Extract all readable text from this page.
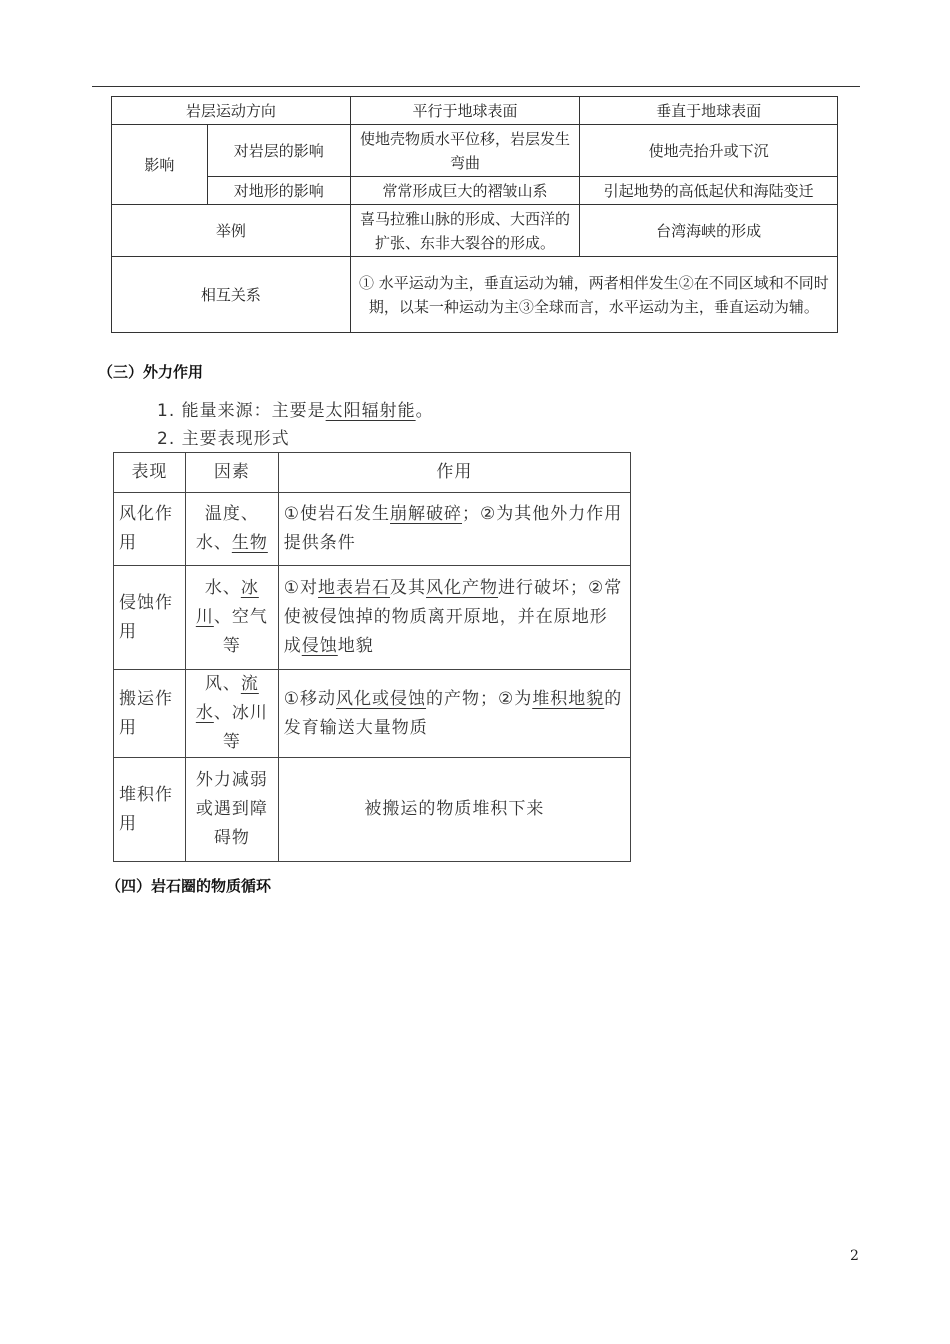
岩层运动方向		平行于地球表面	垂直于地球表面
影响	对岩层的影响	使地壳物质水平位移，岩层发生弯曲	使地壳抬升或下沉
	对地形的影响	常常形成巨大的褶皱山系	引起地势的高低起伏和海陆变迁
举例		喜马拉雅山脉的形成、大西洋的扩张、东非大裂谷的形成。	台湾海峡的形成
相互关系		① 水平运动为主，垂直运动为辅，两者相伴发生②在不同区域和不同时期，以某一种运动为主③全球而言，水平运动为主，垂直运动为辅。	
（三）外力作用
1. 能量来源：主要是太阳辐射能。
2. 主要表现形式
表现	因素	作用
风化作用	温度、水、生物	①使岩石发生崩解破碎；②为其他外力作用提供条件
侵蚀作用	水、冰川、空气等	①对地表岩石及其风化产物进行破坏；②常使被侵蚀掉的物质离开原地，并在原地形成侵蚀地貌
搬运作用	风、流水、冰川等	①移动风化或侵蚀的产物；②为堆积地貌的发育输送大量物质
堆积作用	外力减弱或遇到障碍物	被搬运的物质堆积下来
（四）岩石圈的物质循环
2
